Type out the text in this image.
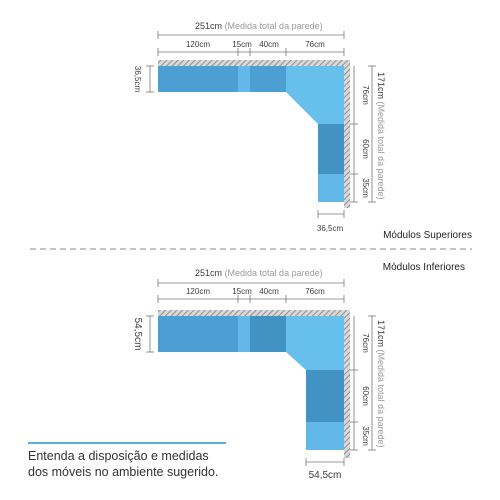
251cm (Medida total da parede)
120cm	15cm 40cm	76cm
36,5cm
76cm
60cm
35cm
171cm (Medida total da parede)
36,5cm
Módulos Superiores
Módulos Inferiores
251cm (Medida total da parede)
120cm	15cm 40cm	76cm
54,5cm	76cm
60cm
35cm
171cm (Medida total da parede)
54,5cm
Entenda a disposição e medidas
dos móveis no ambiente sugerido.
